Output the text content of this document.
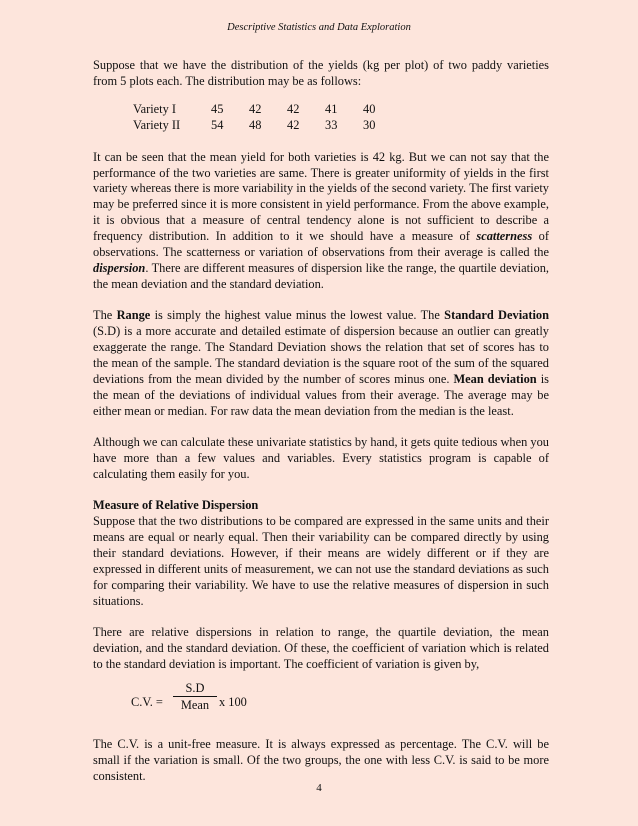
Descriptive Statistics and Data Exploration

Suppose that we have the distribution of the yields (kg per plot) of two paddy varieties from 5 plots each. The distribution may be as follows:

Variety I	45	42	42	41	40
Variety II	54	48	42	33	30

It can be seen that the mean yield for both varieties is 42 kg. But we can not say that the performance of the two varieties are same. There is greater uniformity of yields in the first variety whereas there is more variability in the yields of the second variety. The first variety may be preferred since it is more consistent in yield performance. From the above example, it is obvious that a measure of central tendency alone is not sufficient to describe a frequency distribution. In addition to it we should have a measure of scatterness of observations. The scatterness or variation of observations from their average is called the dispersion. There are different measures of dispersion like the range, the quartile deviation, the mean deviation and the standard deviation.

The Range is simply the highest value minus the lowest value. The Standard Deviation (S.D) is a more accurate and detailed estimate of dispersion because an outlier can greatly exaggerate the range. The Standard Deviation shows the relation that set of scores has to the mean of the sample. The standard deviation is the square root of the sum of the squared deviations from the mean divided by the number of scores minus one. Mean deviation is the mean of the deviations of individual values from their average. The average may be either mean or median. For raw data the mean deviation from the median is the least.

Although we can calculate these univariate statistics by hand, it gets quite tedious when you have more than a few values and variables. Every statistics program is capable of calculating them easily for you.

Measure of Relative Dispersion

Suppose that the two distributions to be compared are expressed in the same units and their means are equal or nearly equal. Then their variability can be compared directly by using their standard deviations. However, if their means are widely different or if they are expressed in different units of measurement, we can not use the standard deviations as such for comparing their variability. We have to use the relative measures of dispersion in such situations.

There are relative dispersions in relation to range, the quartile deviation, the mean deviation, and the standard deviation. Of these, the coefficient of variation which is related to the standard deviation is important. The coefficient of variation is given by,

C.V. =
S.D
Mean x 100

The C.V. is a unit-free measure. It is always expressed as percentage. The C.V. will be small if the variation is small. Of the two groups, the one with less C.V. is said to be more consistent.

4
